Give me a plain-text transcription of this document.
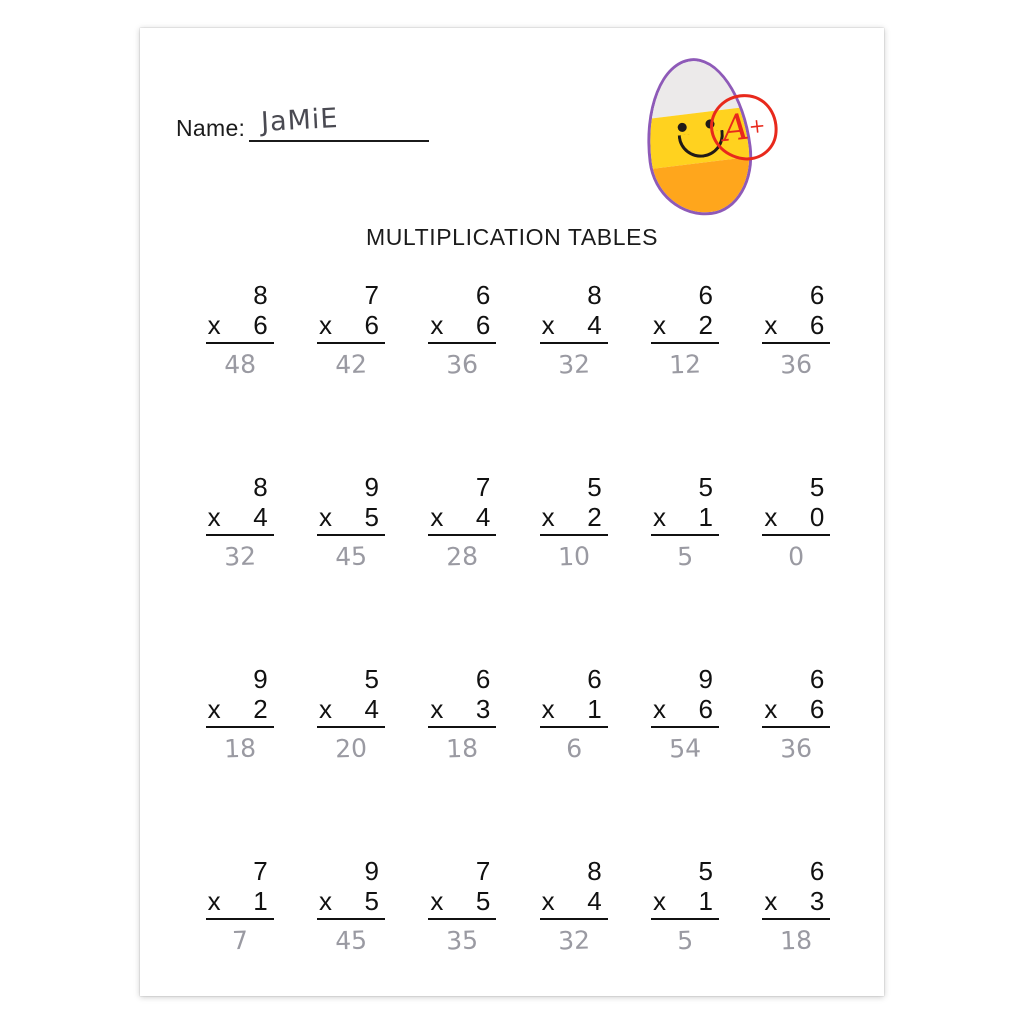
Name: JaMiE	A
+
MULTIPLICATION TABLES
8
x 6
48
7
x 6
42
6
x 6
36
8
x 4
32
6
x 2
12
6
x 6
36
8
x 4
32
9
x 5
45
7
x 4
28
5
x 2
10
5
x 1
5
5
x 0
0
9
x 2
18
5
x 4
20
6
x 3
18
6
x 1
6
9
x 6
54
6
x 6
36
7
x 1
7
9
x 5
45
7
x 5
35
8
x 4
32
5
x 1
5
6
x 3
18
